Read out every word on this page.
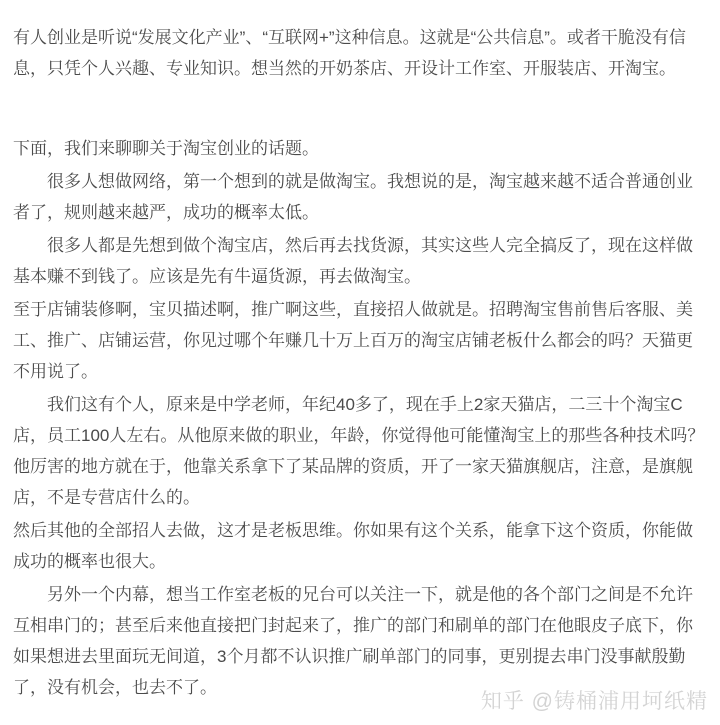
有人创业是听说“发展文化产业”、“互联网+”这种信息。这就是“公共信息”。或者干脆没有信息，只凭个人兴趣、专业知识。想当然的开奶茶店、开设计工作室、开服装店、开淘宝。

下面，我们来聊聊关于淘宝创业的话题。

　　很多人想做网络，第一个想到的就是做淘宝。我想说的是，淘宝越来越不适合普通创业者了，规则越来越严，成功的概率太低。

　　很多人都是先想到做个淘宝店，然后再去找货源，其实这些人完全搞反了，现在这样做基本赚不到钱了。应该是先有牛逼货源，再去做淘宝。

至于店铺装修啊，宝贝描述啊，推广啊这些，直接招人做就是。招聘淘宝售前售后客服、美工、推广、店铺运营，你见过哪个年赚几十万上百万的淘宝店铺老板什么都会的吗？天猫更不用说了。

　　我们这有个人，原来是中学老师，年纪40多了，现在手上2家天猫店，二三十个淘宝C店，员工100人左右。从他原来做的职业，年龄，你觉得他可能懂淘宝上的那些各种技术吗？他厉害的地方就在于，他靠关系拿下了某品牌的资质，开了一家天猫旗舰店，注意，是旗舰店，不是专营店什么的。

然后其他的全部招人去做，这才是老板思维。你如果有这个关系，能拿下这个资质，你能做成功的概率也很大。

　　另外一个内幕，想当工作室老板的兄台可以关注一下，就是他的各个部门之间是不允许互相串门的；甚至后来他直接把门封起来了，推广的部门和刷单的部门在他眼皮子底下，你如果想进去里面玩无间道，3个月都不认识推广刷单部门的同事，更别提去串门没事献殷勤了，没有机会，也去不了。

知乎 @铸桶浦用坷纸精
